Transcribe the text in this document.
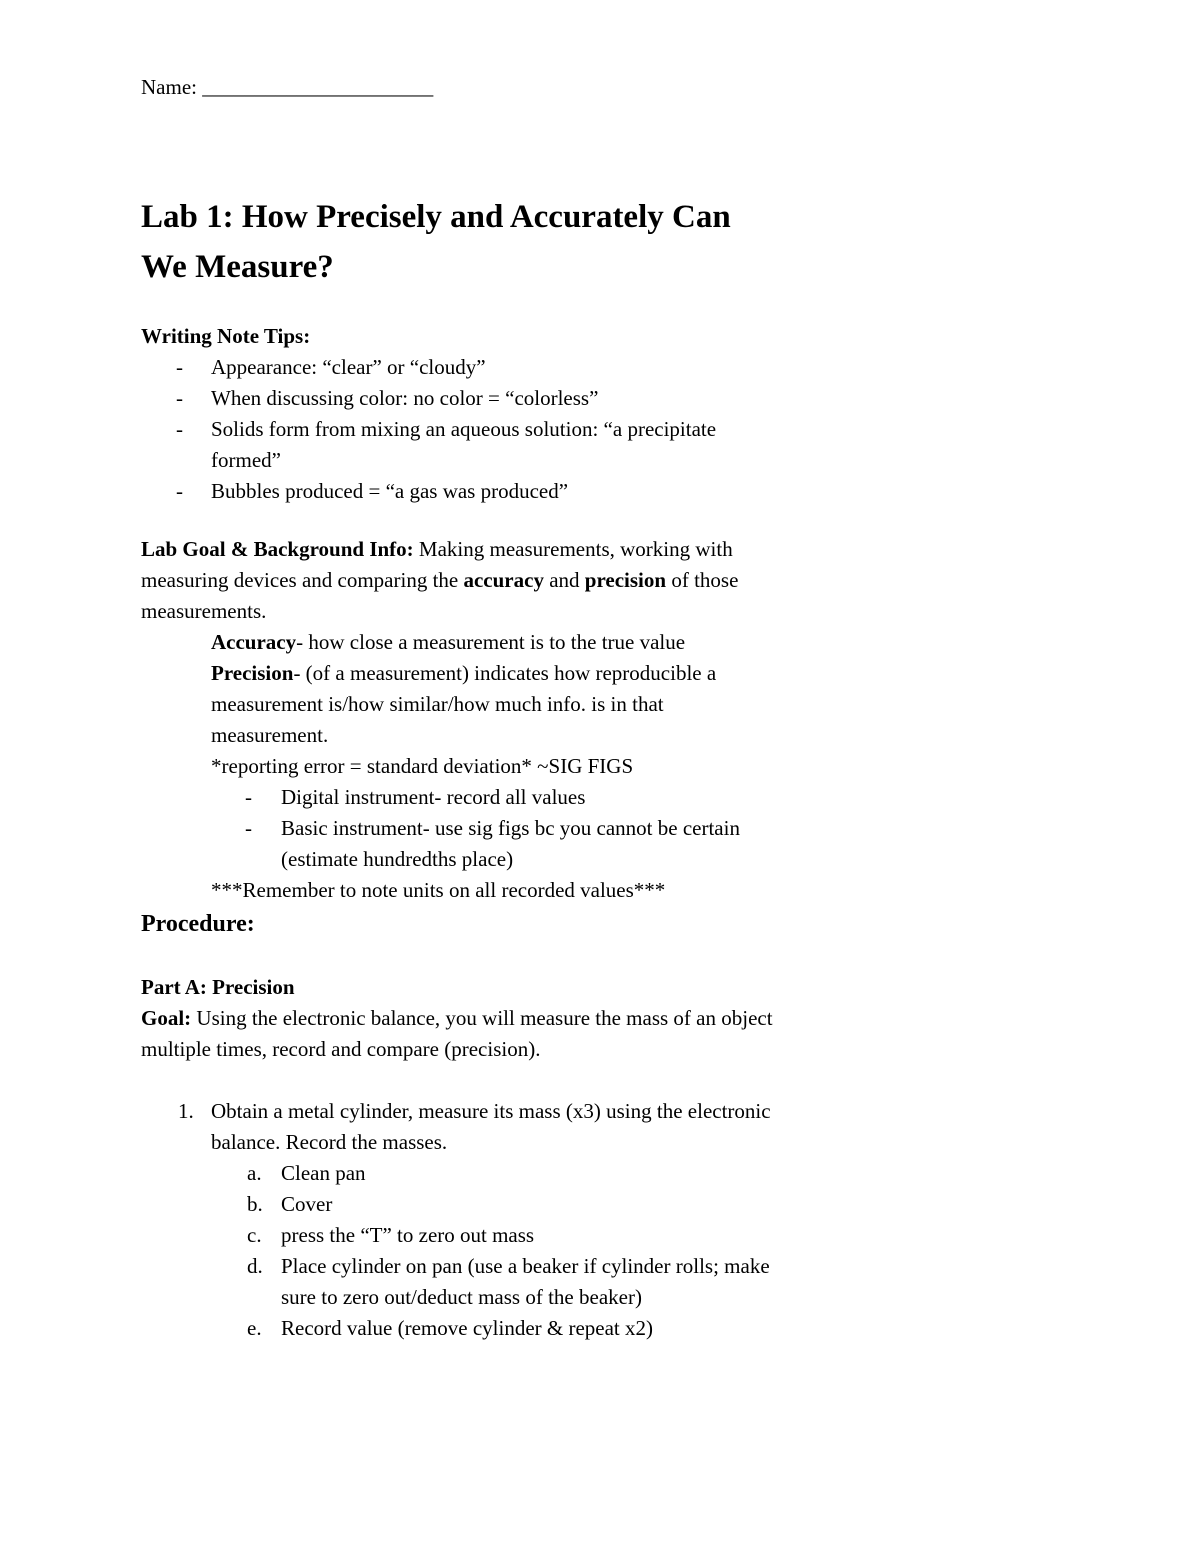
Name: ______________________

Lab 1: How Precisely and Accurately Can We Measure?
Writing Note Tips:
- Appearance: “clear” or “cloudy”
- When discussing color: no color = “colorless”
- Solids form from mixing an aqueous solution: “a precipitate formed”
- Bubbles produced = “a gas was produced”

Lab Goal & Background Info: Making measurements, working with measuring devices and comparing the accuracy and precision of those measurements.

Accuracy- how close a measurement is to the true value
Precision- (of a measurement) indicates how reproducible a measurement is/how similar/how much info. is in that measurement.
*reporting error = standard deviation* ~SIG FIGS
- Digital instrument- record all values
- Basic instrument- use sig figs bc you cannot be certain (estimate hundredths place)
***Remember to note units on all recorded values***
Procedure:
Part A: Precision

Goal: Using the electronic balance, you will measure the mass of an object multiple times, record and compare (precision).

1. Obtain a metal cylinder, measure its mass (x3) using the electronic balance. Record the masses.
a. Clean pan
b. Cover
c. press the “T” to zero out mass
d. Place cylinder on pan (use a beaker if cylinder rolls; make sure to zero out/deduct mass of the beaker)
e. Record value (remove cylinder & repeat x2)
